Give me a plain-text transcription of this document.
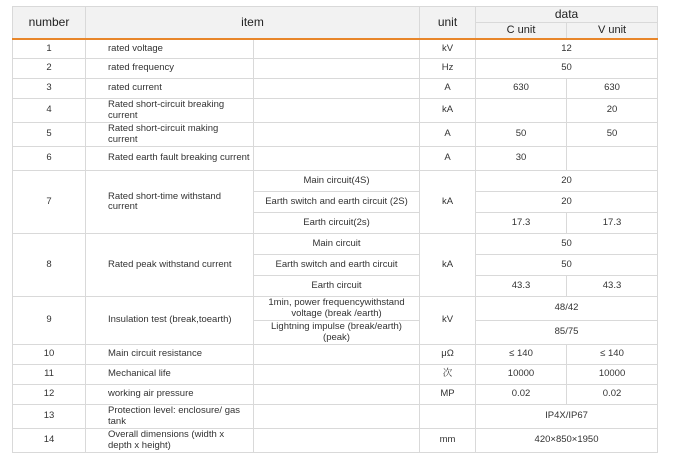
number	item		unit	data	
				C unit	V unit
1	rated voltage		kV	12	
2	rated frequency		Hz	50	
3	rated current		A	630	630
4	Rated short-circuit breaking current		kA		20
5	Rated short-circuit making current		A	50	50
6	Rated earth fault breaking current		A	30	
7	Rated short-time withstand current	Main circuit(4S)	kA	20	
		Earth switch and earth circuit (2S)		20	
		Earth circuit(2s)		17.3	17.3
8	Rated peak withstand current	Main circuit	kA	50	
		Earth switch and earth circuit		50	
		Earth circuit		43.3	43.3
9	Insulation test (break,toearth)	1min, power frequencywithstand voltage (break /earth)	kV	48/42	
		Lightning impulse (break/earth) (peak)		85/75	
10	Main circuit resistance		μΩ	≤ 140	≤ 140
11	Mechanical life		次	10000	10000
12	working air pressure		MP	0.02	0.02
13	Protection level: enclosure/ gas tank			IP4X/IP67	
14	Overall dimensions (width x depth x height)		mm	420×850×1950	
